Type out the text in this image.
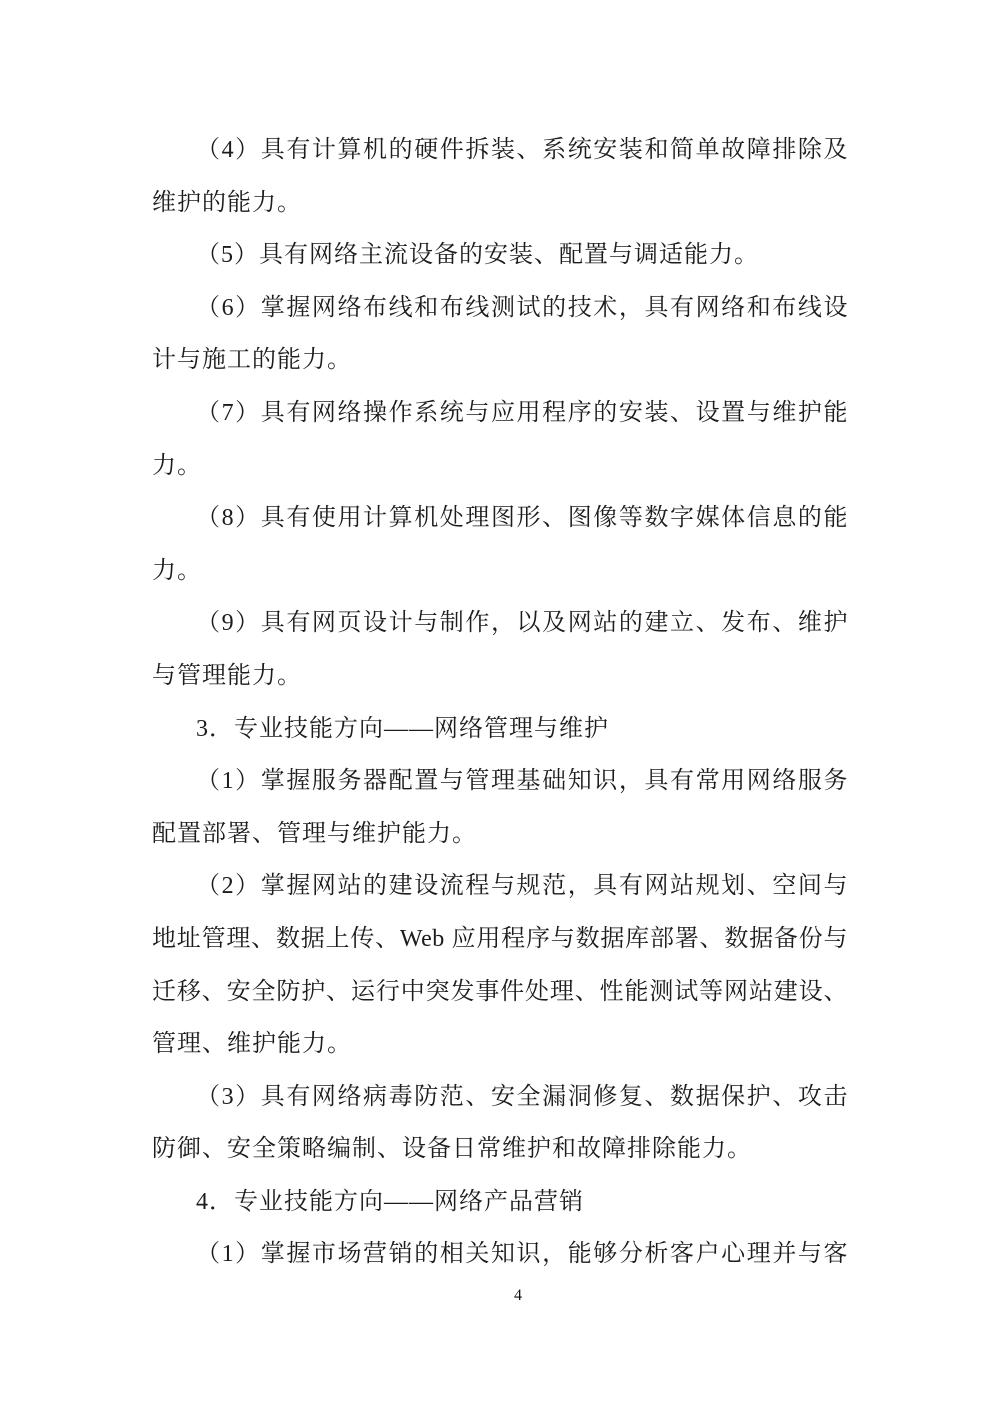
（4）具有计算机的硬件拆装、系统安装和简单故障排除及
维护的能力。
（5）具有网络主流设备的安装、配置与调适能力。
（6）掌握网络布线和布线测试的技术，具有网络和布线设
计与施工的能力。
（7）具有网络操作系统与应用程序的安装、设置与维护能
力。
（8）具有使用计算机处理图形、图像等数字媒体信息的能
力。
（9）具有网页设计与制作，以及网站的建立、发布、维护
与管理能力。
3．专业技能方向——网络管理与维护
（1）掌握服务器配置与管理基础知识，具有常用网络服务
配置部署、管理与维护能力。
（2）掌握网站的建设流程与规范，具有网站规划、空间与
地址管理、数据上传、Web 应用程序与数据库部署、数据备份与
迁移、安全防护、运行中突发事件处理、性能测试等网站建设、
管理、维护能力。
（3）具有网络病毒防范、安全漏洞修复、数据保护、攻击
防御、安全策略编制、设备日常维护和故障排除能力。
4．专业技能方向——网络产品营销
（1）掌握市场营销的相关知识，能够分析客户心理并与客
4
